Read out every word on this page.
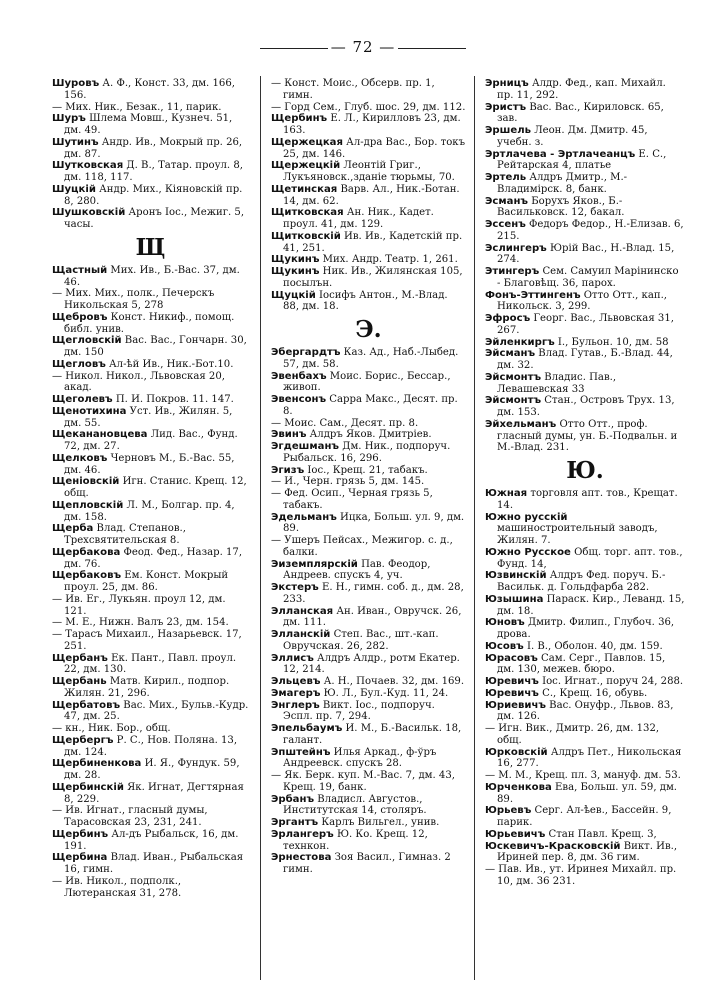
— 72 —
Шуровъ А. Ф., Конст. 33, дм. 166, 156.
— Мих. Ник., Безак., 11, парик.
Шуръ Шлема Мовш., Кузнеч. 51, дм. 49.
Шутинъ Андр. Ив., Мокрый пр. 26, дм. 87.
Шутковская Д. В., Татар. проул. 8, дм. 118, 117.
Шуцкій Андр. Мих., Кіяновскій пр. 8, 280.
Шушковскій Аронъ Іос., Межиг. 5, часы.
Щ
Щастный Мих. Ив., Б.-Вас. 37, дм. 46.
— Мих. Мих., полк., Печерскъ Никольская 5, 278
Щебровъ Конст. Никиф., помощ. библ. унив.
Щегловскій Вас. Вас., Гончарн. 30, дм. 150
Щегловъ Ал-ѣй Ив., Ник.-Бот.10.
— Никол. Никол., Львовская 20, акад.
Щеголевъ П. И. Покров. 11. 147.
Щенотихина Уст. Ив., Жилян. 5, дм. 55.
Щеканановцева Лид. Вас., Фунд. 72, дм. 27.
Щелковъ Черновъ М., Б.-Вас. 55, дм. 46.
Щеніовскій Игн. Станис. Крещ. 12, общ.
Щепловскій Л. М., Болгар. пр. 4, дм. 158.
Щерба Влад. Степанов., Трехсвятительская 8.
Щербакова Феод. Фед., Назар. 17, дм. 76.
Щербаковъ Ем. Конст. Мокрый проул. 25, дм. 86.
— Ив. Ег., Лукьян. проул 12, дм. 121.
— М. Е., Нижн. Валъ 23, дм. 154.
— Тарасъ Михаил., Назарьевск. 17, 251.
Щербанъ Ек. Пант., Павл. проул. 22, дм. 130.
Щербань Матв. Кирил., подпор. Жилян. 21, 296.
Щербатовъ Вас. Мих., Бульв.-Кудр. 47, дм. 25.
— кн., Ник. Бор., общ.
Щербергъ Р. С., Нов. Поляна. 13, дм. 124.
Щербиненкова И. Я., Фундук. 59, дм. 28.
Щербинскій Як. Игнат, Дегтярная 8, 229.
— Ив. Игнат., гласный думы, Тарасовская 23, 231, 241.
Щербинъ Ал-дъ Рыбальск, 16, дм. 191.
Щербина Влад. Иван., Рыбальская 16, гимн.
— Ив. Никол., подполк., Лютеранская 31, 278.
— Конст. Моис., Обсерв. пр. 1, гимн.
— Горд Сем., Глуб. шос. 29, дм. 112.
Щербинъ Е. Л., Кирилловъ 23, дм. 163.
Щержецкая Ал-дра Вас., Бор. токъ 25, дм. 146.
Щержецкій Леонтій Григ., Лукъяновск.,зданіе тюрьмы, 70.
Щетинская Варв. Ал., Ник.-Ботан. 14, дм. 62.
Щитковская Ан. Ник., Кадет. проул. 41, дм. 129.
Щитковскій Ив. Ив., Кадетскій пр. 41, 251.
Щукинъ Мих. Андр. Театр. 1, 261.
Щукинъ Ник. Ив., Жилянская 105, посылън.
Щуцкій Іосифъ Антон., М.-Влад. 88, дм. 18.
Э.
Эбергардтъ Каз. Ад., Наб.-Лыбед. 57, дм. 58.
Эвенбахъ Моис. Борис., Бессар., живоп.
Эвенсонъ Сарра Макс., Десят. пр. 8.
— Моис. Сам., Десят. пр. 8.
Эвинъ Алдръ Яков. Дмитріев.
Эгдешманъ Дм. Ник., подпоруч. Рыбальск. 16, 296.
Эгизъ Іос., Крещ. 21, табакъ.
— И., Черн. грязь 5, дм. 145.
— Фед. Осип., Черная грязь 5, табакъ.
Эдельманъ Ицка, Больш. ул. 9, дм. 89.
— Ушеръ Пейсах., Межигор. с. д., балки.
Эиземплярскій Пав. Феодор, Андреев. спускъ 4, уч.
Экстеръ Е. Н., гимн. соб. д., дм. 28, 233.
Элланская Ан. Иван., Овручск. 26, дм. 111.
Элланскій Степ. Вас., шт.-кап. Овручская. 26, 282.
Эллисъ Алдръ Алдр., ротм Екатер. 12, 214.
Эльцевъ А. Н., Почаев. 32, дм. 169.
Эмагеръ Ю. Л., Бул.-Куд. 11, 24.
Энглеръ Викт. Іос., подпоруч. Эспл. пр. 7, 294.
Эпельбаумъ И. М., Б.-Васильк. 18, галант.
Эпштейнъ Илья Аркад., ф-ўръ Андреевск. спускъ 28.
— Як. Берк. куп. М.-Вас. 7, дм. 43, Крещ. 19, банк.
Эрбанъ Владисл. Августов., Институтская 14, столяръ.
Эргантъ Карлъ Вильгел., унив.
Эрлангеръ Ю. Ко. Крещ. 12, технкон.
Эрнестова Зоя Васил., Гимназ. 2 гимн.
Эрницъ Алдр. Фед., кап. Михайл. пр. 11, 292.
Эристъ Вас. Вас., Кириловск. 65, зав.
Эршель Леон. Дм. Дмитр. 45, учебн. з.
Эртлачева - Эртлачеанцъ Е. С., Рейтарская 4, платье
Эртель Алдръ Дмитр., М.-Владимірск. 8, банк.
Эсманъ Борухъ Яков., Б.-Васильковск. 12, бакал.
Эссенъ Федоръ Федор., Н.-Елизав. 6, 215.
Эслингеръ Юрій Вас., Н.-Влад. 15, 274.
Этингеръ Сем. Самуил Марінинско - Благовѣщ. 36, парох.
Фонъ-Эттингенъ Отто Отт., кап., Никольск. 3, 299.
Эфросъ Георг. Вас., Львовская 31, 267.
Эйленкиргъ І., Бульон. 10, дм. 58
Эйсманъ Влад. Гутав., Б.-Влад. 44, дм. 32.
Эйсмонтъ Владис. Пав., Левашевская 33
Эйсмонтъ Стан., Островъ Трух. 13, дм. 153.
Эйхельманъ Отто Отт., проф. гласный думы, ун. Б.-Подвальн. и М.-Влад. 231.
Ю.
Южная торговля апт. тов., Крещат. 14.
Южно русскій машиностроительный заводъ, Жилян. 7.
Южно Русское Общ. торг. апт. тов., Фунд. 14,
Юзвинскій Алдръ Фед. поруч. Б.-Васильк. д. Гольдфарба 282.
Юзышина Параск. Кир., Леванд. 15, дм. 18.
Юновъ Дмитр. Филип., Глубоч. 36, дрова.
Юсовъ І. В., Оболон. 40, дм. 159.
Юрасовъ Сам. Серг., Павлов. 15, дм. 130, межев. бюро.
Юревичъ Іос. Игнат., поруч 24, 288.
Юревичъ С., Крещ. 16, обувь.
Юриевичъ Вас. Онуфр., Львов. 83, дм. 126.
— Игн. Вик., Дмитр. 26, дм. 132, общ.
Юрковскій Алдръ Пет., Никольская 16, 277.
— М. М., Крещ. пл. 3, мануф. дм. 53.
Юрченкова Ева, Больш. ул. 59, дм. 89.
Юрьевъ Серг. Ал-ѣев., Бассейн. 9, парик.
Юрьевичъ Стан Павл. Крещ. 3,
Юскевичъ-Красковскій Викт. Ив., Ириней пер. 8, дм. 36 гим.
— Пав. Ив., ут. Иринея Михайл. пр. 10, дм. 36 231.
